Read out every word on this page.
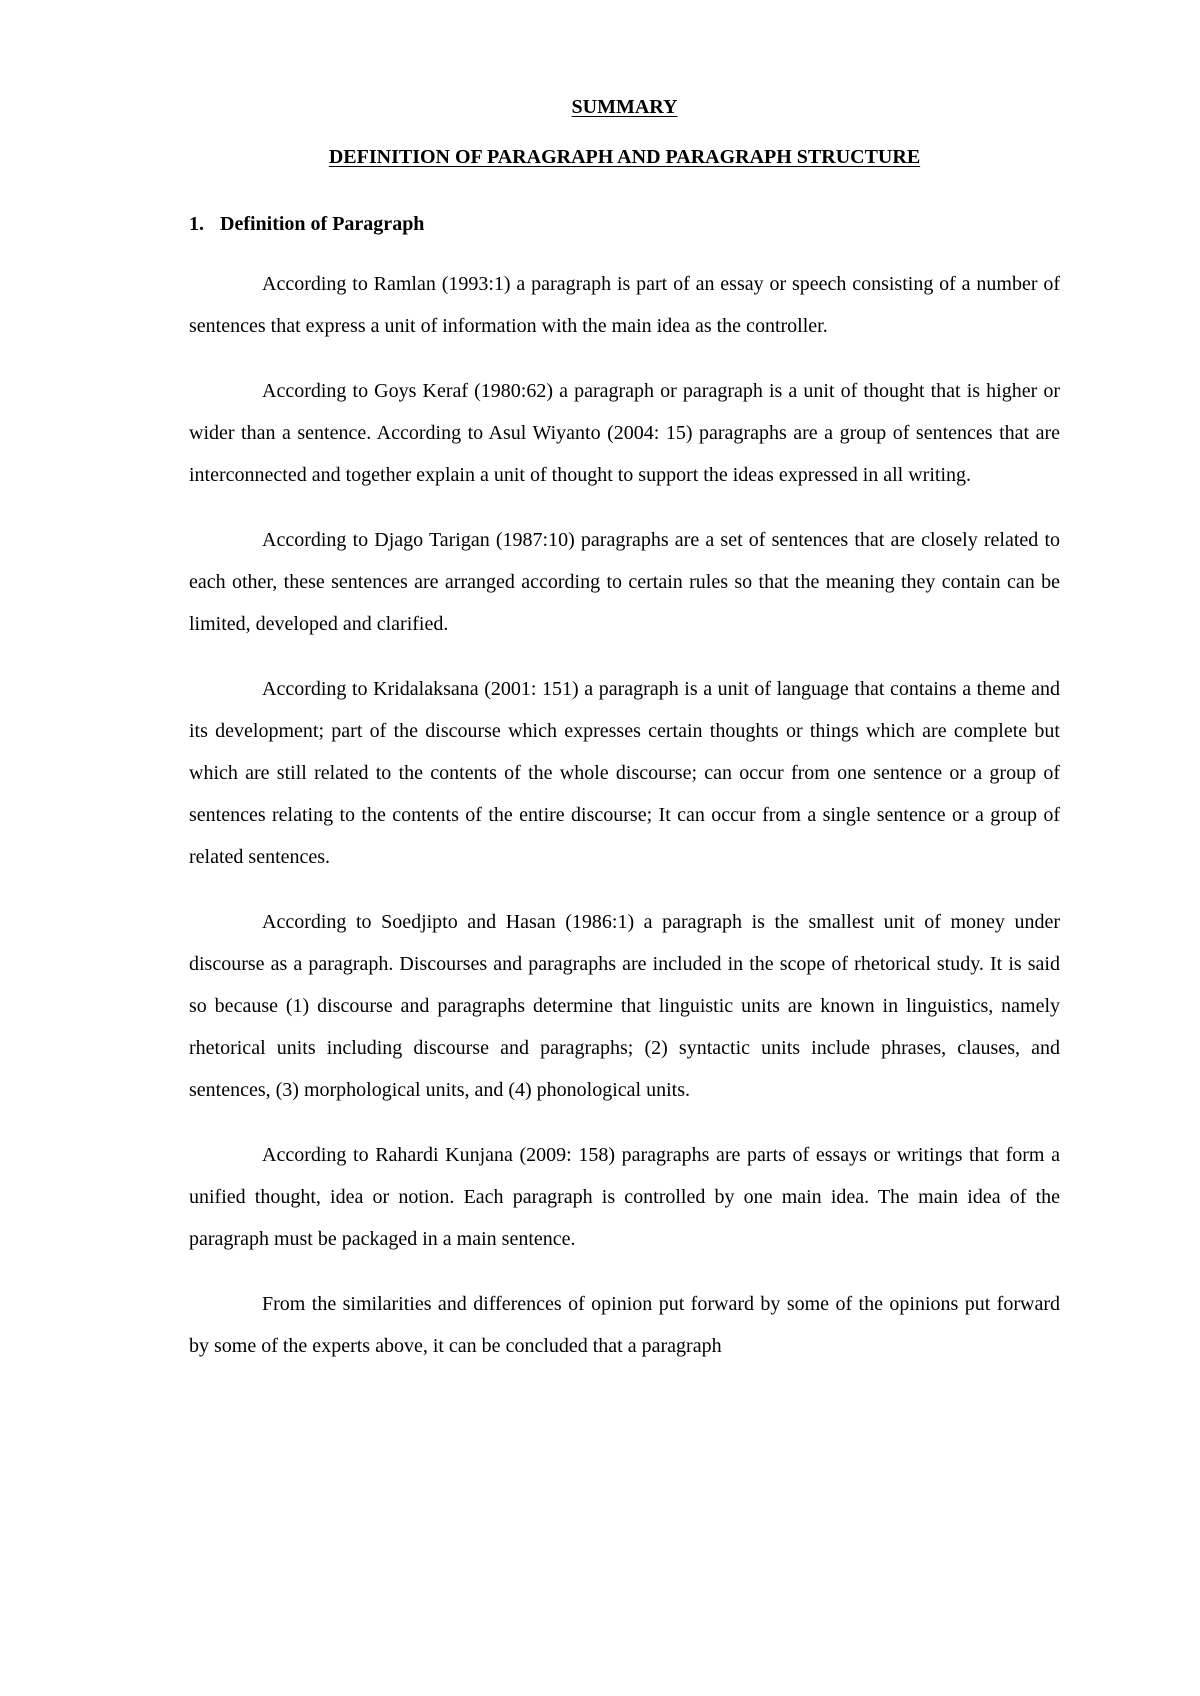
SUMMARY
DEFINITION OF PARAGRAPH AND PARAGRAPH STRUCTURE
1. Definition of Paragraph

According to Ramlan (1993:1) a paragraph is part of an essay or speech consisting of a number of sentences that express a unit of information with the main idea as the controller.

According to Goys Keraf (1980:62) a paragraph or paragraph is a unit of thought that is higher or wider than a sentence. According to Asul Wiyanto (2004: 15) paragraphs are a group of sentences that are interconnected and together explain a unit of thought to support the ideas expressed in all writing.

According to Djago Tarigan (1987:10) paragraphs are a set of sentences that are closely related to each other, these sentences are arranged according to certain rules so that the meaning they contain can be limited, developed and clarified.

According to Kridalaksana (2001: 151) a paragraph is a unit of language that contains a theme and its development; part of the discourse which expresses certain thoughts or things which are complete but which are still related to the contents of the whole discourse; can occur from one sentence or a group of sentences relating to the contents of the entire discourse; It can occur from a single sentence or a group of related sentences.

According to Soedjipto and Hasan (1986:1) a paragraph is the smallest unit of money under discourse as a paragraph. Discourses and paragraphs are included in the scope of rhetorical study. It is said so because (1) discourse and paragraphs determine that linguistic units are known in linguistics, namely rhetorical units including discourse and paragraphs; (2) syntactic units include phrases, clauses, and sentences, (3) morphological units, and (4) phonological units.

According to Rahardi Kunjana (2009: 158) paragraphs are parts of essays or writings that form a unified thought, idea or notion. Each paragraph is controlled by one main idea. The main idea of the paragraph must be packaged in a main sentence.

From the similarities and differences of opinion put forward by some of the opinions put forward by some of the experts above, it can be concluded that a paragraph
